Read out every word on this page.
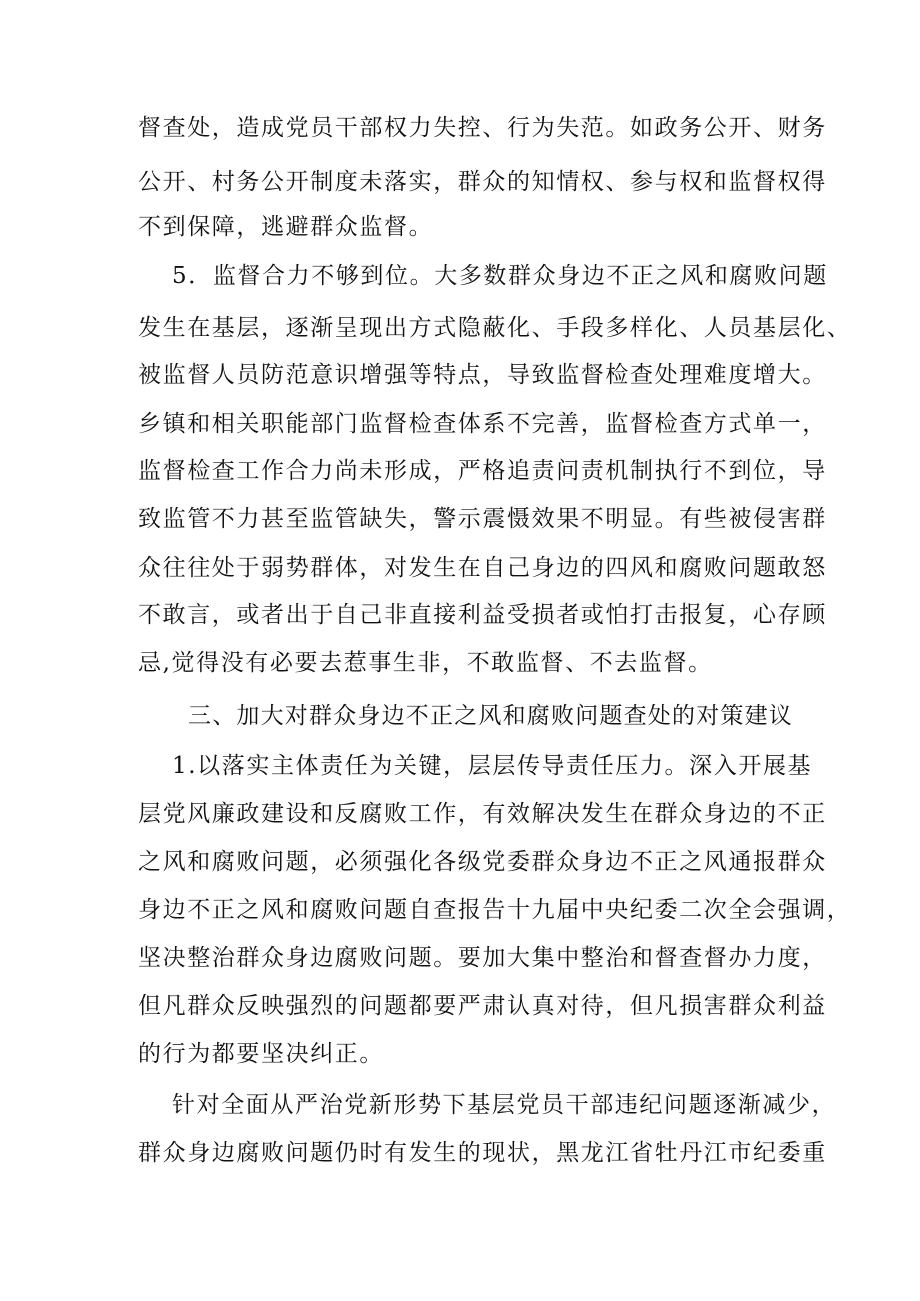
督查处，造成党员干部权力失控、行为失范。如政务公开、财务
公开、村务公开制度未落实，群众的知情权、参与权和监督权得
不到保障，逃避群众监督。
5．监督合力不够到位。大多数群众身边不正之风和腐败问题
发生在基层，逐渐呈现出方式隐蔽化、手段多样化、人员基层化、
被监督人员防范意识增强等特点，导致监督检查处理难度增大。
乡镇和相关职能部门监督检查体系不完善，监督检查方式单一，
监督检查工作合力尚未形成，严格追责问责机制执行不到位，导
致监管不力甚至监管缺失，警示震慑效果不明显。有些被侵害群
众往往处于弱势群体，对发生在自己身边的四风和腐败问题敢怒
不敢言，或者出于自己非直接利益受损者或怕打击报复，心存顾
忌,觉得没有必要去惹事生非，不敢监督、不去监督。
三、加大对群众身边不正之风和腐败问题查处的对策建议
1.以落实主体责任为关键，层层传导责任压力。深入开展基
层党风廉政建设和反腐败工作，有效解决发生在群众身边的不正
之风和腐败问题，必须强化各级党委群众身边不正之风通报群众
身边不正之风和腐败问题自查报告十九届中央纪委二次全会强调，
坚决整治群众身边腐败问题。要加大集中整治和督查督办力度，
但凡群众反映强烈的问题都要严肃认真对待，但凡损害群众利益
的行为都要坚决纠正。
针对全面从严治党新形势下基层党员干部违纪问题逐渐减少，
群众身边腐败问题仍时有发生的现状，黑龙江省牡丹江市纪委重
